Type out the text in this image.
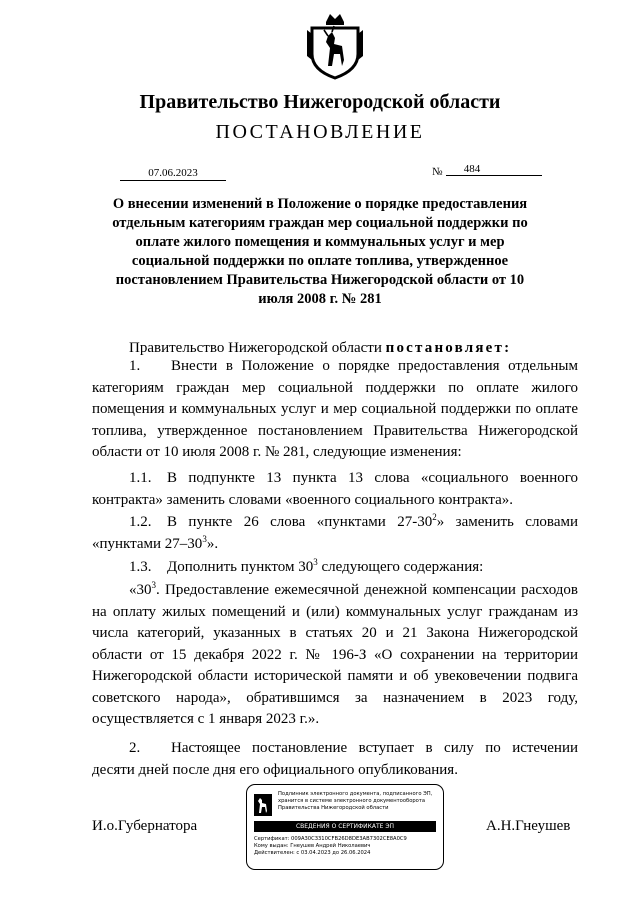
Правительство Нижегородской области
ПОСТАНОВЛЕНИЕ
07.06.2023	№	484
О внесении изменений в Положение о порядке предоставления отдельным категориям граждан мер социальной поддержки по оплате жилого помещения и коммунальных услуг и мер социальной поддержки по оплате топлива, утвержденное постановлением Правительства Нижегородской области от 10 июля 2008 г. № 281
Правительство Нижегородской области постановляет:
1. Внести в Положение о порядке предоставления отдельным категориям граждан мер социальной поддержки по оплате жилого помещения и коммунальных услуг и мер социальной поддержки по оплате топлива, утвержденное постановлением Правительства Нижегородской области от 10 июля 2008 г. № 281, следующие изменения:
1.1. В подпункте 13 пункта 13 слова «социального военного контракта» заменить словами «военного социального контракта».
1.2. В пункте 26 слова «пунктами $27-30^2$» заменить словами «пунктами $27-30^3$».
1.3. Дополнить пунктом $30^3$ следующего содержания:
«$30^3$. Предоставление ежемесячной денежной компенсации расходов на оплату жилых помещений и (или) коммунальных услуг гражданам из числа категорий, указанных в статьях 20 и 21 Закона Нижегородской области от 15 декабря 2022 г. № 196-З «О сохранении на территории Нижегородской области исторической памяти и об увековечении подвига советского народа», обратившимся за назначением в 2023 году, осуществляется с 1 января 2023 г.».
2. Настоящее постановление вступает в силу по истечении десяти дней после дня его официального опубликования.
И.о.Губернатора	А.Н.Гнеушев
Подлинник электронного документа, подписанного ЭП,
хранится в системе электронного документооборота
Правительства Нижегородской области
СВЕДЕНИЯ О СЕРТИФИКАТЕ ЭП
Сертификат: 009A30C3310CFB26D8DE3AB7302CE8A0C9
Кому выдан: Гнеушев Андрей Николаевич
Действителен: с 03.04.2023 до 26.06.2024
